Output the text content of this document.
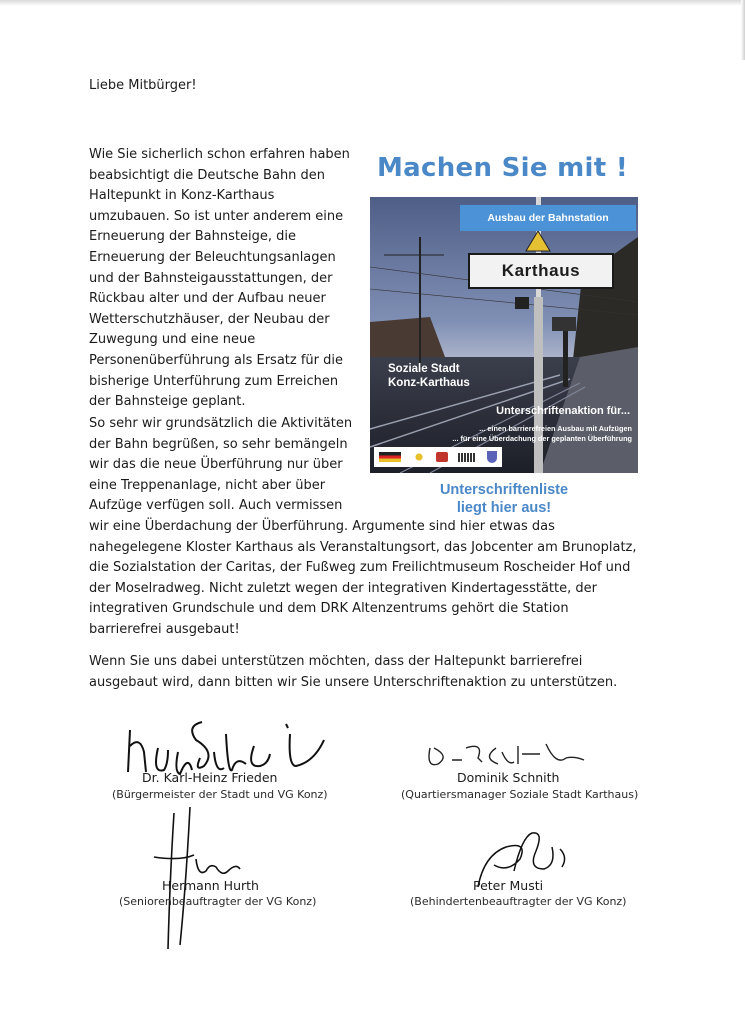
Liebe Mitbürger!
Wie Sie sicherlich schon erfahren haben beabsichtigt die Deutsche Bahn den Haltepunkt in Konz-Karthaus umzubauen. So ist unter anderem eine Erneuerung der Bahnsteige, die Erneuerung der Beleuchtungsanlagen und der Bahnsteigausstattungen, der Rückbau alter und der Aufbau neuer Wetterschutzhäuser, der Neubau der Zuwegung und eine neue Personenüberführung als Ersatz für die bisherige Unterführung zum Erreichen der Bahnsteige geplant.
So sehr wir grundsätzlich die Aktivitäten der Bahn begrüßen, so sehr bemängeln wir das die neue Überführung nur über eine Treppenanlage, nicht aber über Aufzüge verfügen soll. Auch vermissen wir eine Überdachung der Überführung. Argumente sind hier etwas das nahegelegene Kloster Karthaus als Veranstaltungsort, das Jobcenter am Brunoplatz, die Sozialstation der Caritas, der Fußweg zum Freilichtmuseum Roscheider Hof und der Moselradweg. Nicht zuletzt wegen der integrativen Kindertagesstätte, der integrativen Grundschule und dem DRK Altenzentrums gehört die Station barrierefrei ausgebaut!
Wenn Sie uns dabei unterstützen möchten, dass der Haltepunkt barrierefrei ausgebaut wird, dann bitten wir Sie unsere Unterschriftenaktion zu unterstützen.
Machen Sie mit !
Ausbau der Bahnstation
Karthaus
Soziale Stadt
Konz-Karthaus
Unterschriftenaktion für...
... einen barrierefreien Ausbau mit Aufzügen
... für eine Überdachung der geplanten Überführung
Unterschriftenliste
liegt hier aus!
Dr. Karl-Heinz Frieden
(Bürgermeister der Stadt und VG Konz)
Dominik Schnith
(Quartiersmanager Soziale Stadt Karthaus)
Hermann Hurth
(Seniorenbeauftragter der VG Konz)
Peter Musti
(Behindertenbeauftragter der VG Konz)
